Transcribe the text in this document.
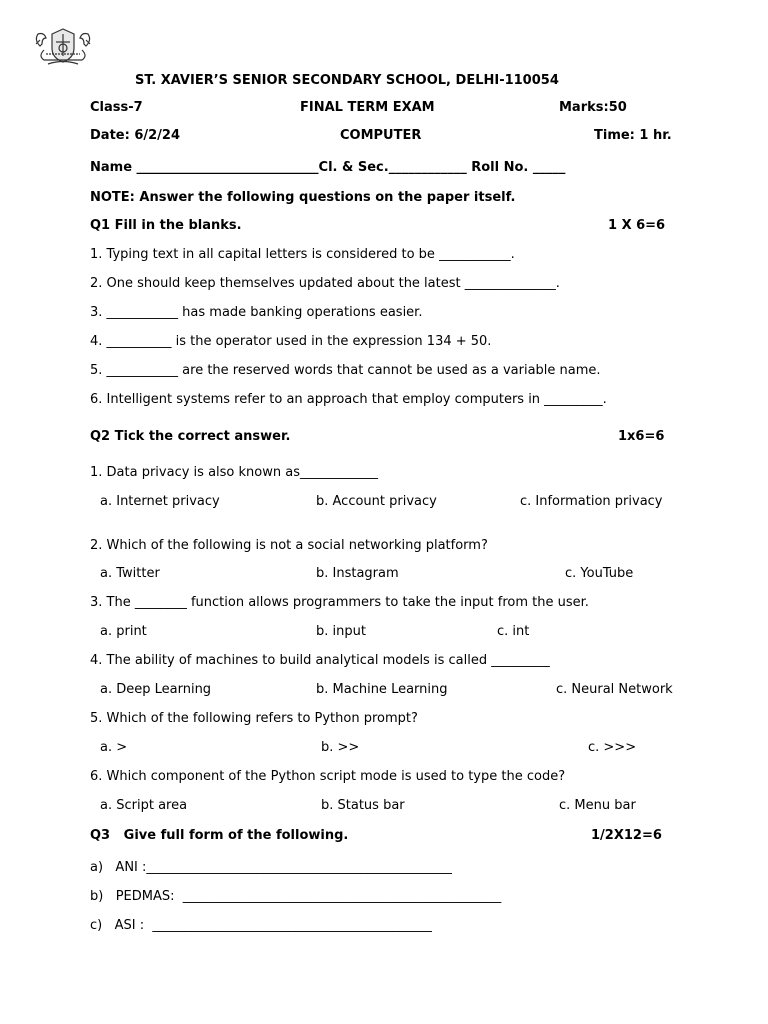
ST. XAVIER’S SENIOR SECONDARY SCHOOL, DELHI-110054
Class-7	FINAL TERM EXAM	Marks:50
Date: 6/2/24	COMPUTER	Time: 1 hr.
Name ____________________________Cl. & Sec.____________ Roll No. _____
NOTE: Answer the following questions on the paper itself.
Q1 Fill in the blanks.	1 X 6=6
1. Typing text in all capital letters is considered to be ___________.
2. One should keep themselves updated about the latest ______________.
3. ___________ has made banking operations easier.
4. __________ is the operator used in the expression 134 + 50.
5. ___________ are the reserved words that cannot be used as a variable name.
6. Intelligent systems refer to an approach that employ computers in _________.
Q2 Tick the correct answer.	1x6=6
1. Data privacy is also known as____________
a. Internet privacy	b. Account privacy	c. Information privacy
2. Which of the following is not a social networking platform?
a. Twitter	b. Instagram	c. YouTube
3. The ________ function allows programmers to take the input from the user.
a. print	b. input	c. int
4. The ability of machines to build analytical models is called _________
a. Deep Learning	b. Machine Learning	c. Neural Network
5. Which of the following refers to Python prompt?
a. >	b. >>	c. >>>
6. Which component of the Python script mode is used to type the code?
a. Script area	b. Status bar	c. Menu bar
Q3   Give full form of the following.	1/2X12=6
a)   ANI :_______________________________________________
b)   PEDMAS:  _________________________________________________
c)   ASI :  ___________________________________________
